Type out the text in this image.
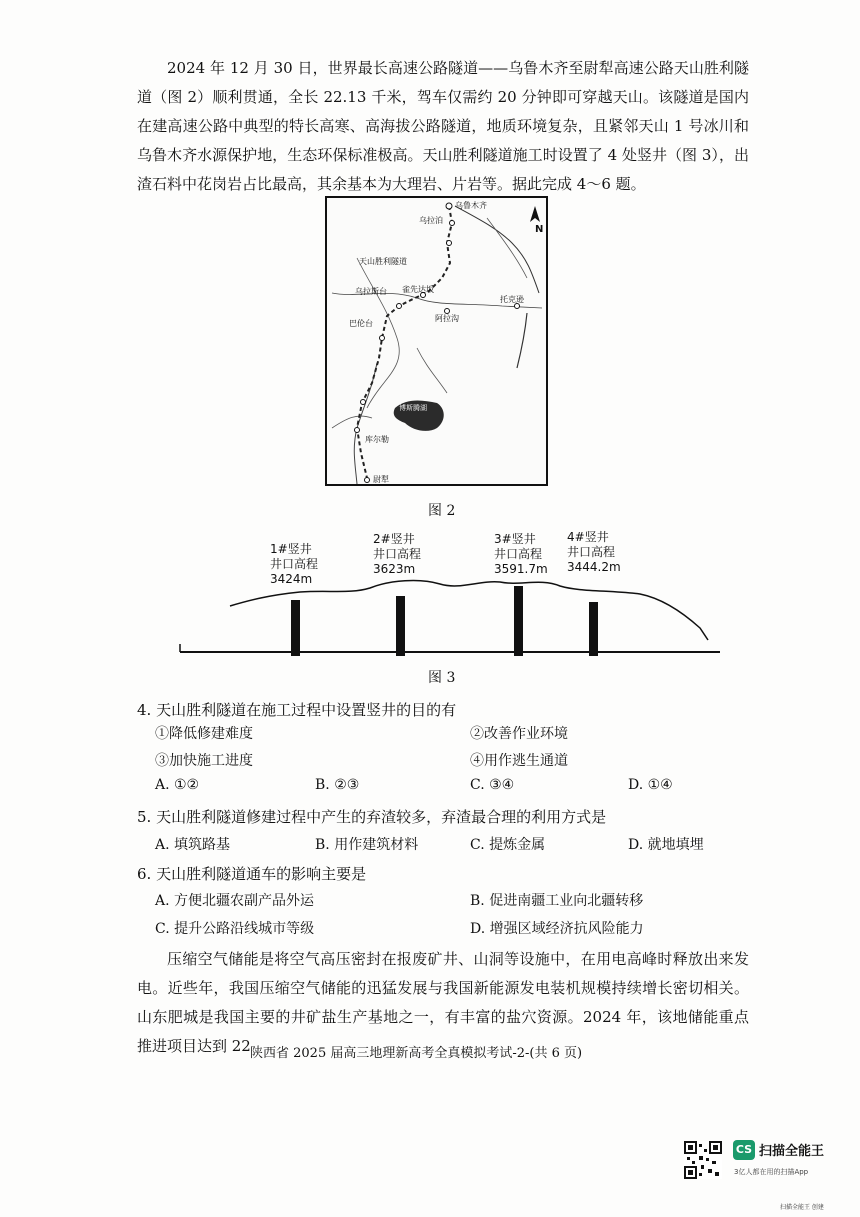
2024 年 12 月 30 日，世界最长高速公路隧道——乌鲁木齐至尉犁高速公路天山胜利隧道（图 2）顺利贯通，全长 22.13 千米，驾车仅需约 20 分钟即可穿越天山。该隧道是国内在建高速公路中典型的特长高寒、高海拔公路隧道，地质环境复杂，且紧邻天山 1 号冰川和乌鲁木齐水源保护地，生态环保标准极高。天山胜利隧道施工时设置了 4 处竖井（图 3），出渣石料中花岗岩占比最高，其余基本为大理岩、片岩等。据此完成 4～6 题。

N
乌鲁木齐
乌拉泊
天山胜利隧道
乌拉斯台 雀先达坂
托克逊
阿拉沟
巴伦台
博斯腾湖
库尔勒
尉犁
图 2
1#竖井
井口高程
3424m
2#竖井
井口高程
3623m
3#竖井
井口高程
3591.7m
4#竖井
井口高程
3444.2m
图 3
4. 天山胜利隧道在施工过程中设置竖井的目的有
①降低修建难度	②改善作业环境
③加快施工进度	④用作逃生通道
A. ①②	B. ②③	C. ③④	D. ①④
5. 天山胜利隧道修建过程中产生的弃渣较多，弃渣最合理的利用方式是
A. 填筑路基	B. 用作建筑材料	C. 提炼金属	D. 就地填埋
6. 天山胜利隧道通车的影响主要是
A. 方便北疆农副产品外运	B. 促进南疆工业向北疆转移
C. 提升公路沿线城市等级	D. 增强区域经济抗风险能力

压缩空气储能是将空气高压密封在报废矿井、山洞等设施中，在用电高峰时释放出来发电。近些年，我国压缩空气储能的迅猛发展与我国新能源发电装机规模持续增长密切相关。山东肥城是我国主要的井矿盐生产基地之一，有丰富的盐穴资源。2024 年，该地储能重点推进项目达到 22 陕西省 2025 届高三地理新高考全真模拟考试-2-(共 6 页)
CS 扫描全能王
3亿人都在用的扫描App
扫描全能王 创建
